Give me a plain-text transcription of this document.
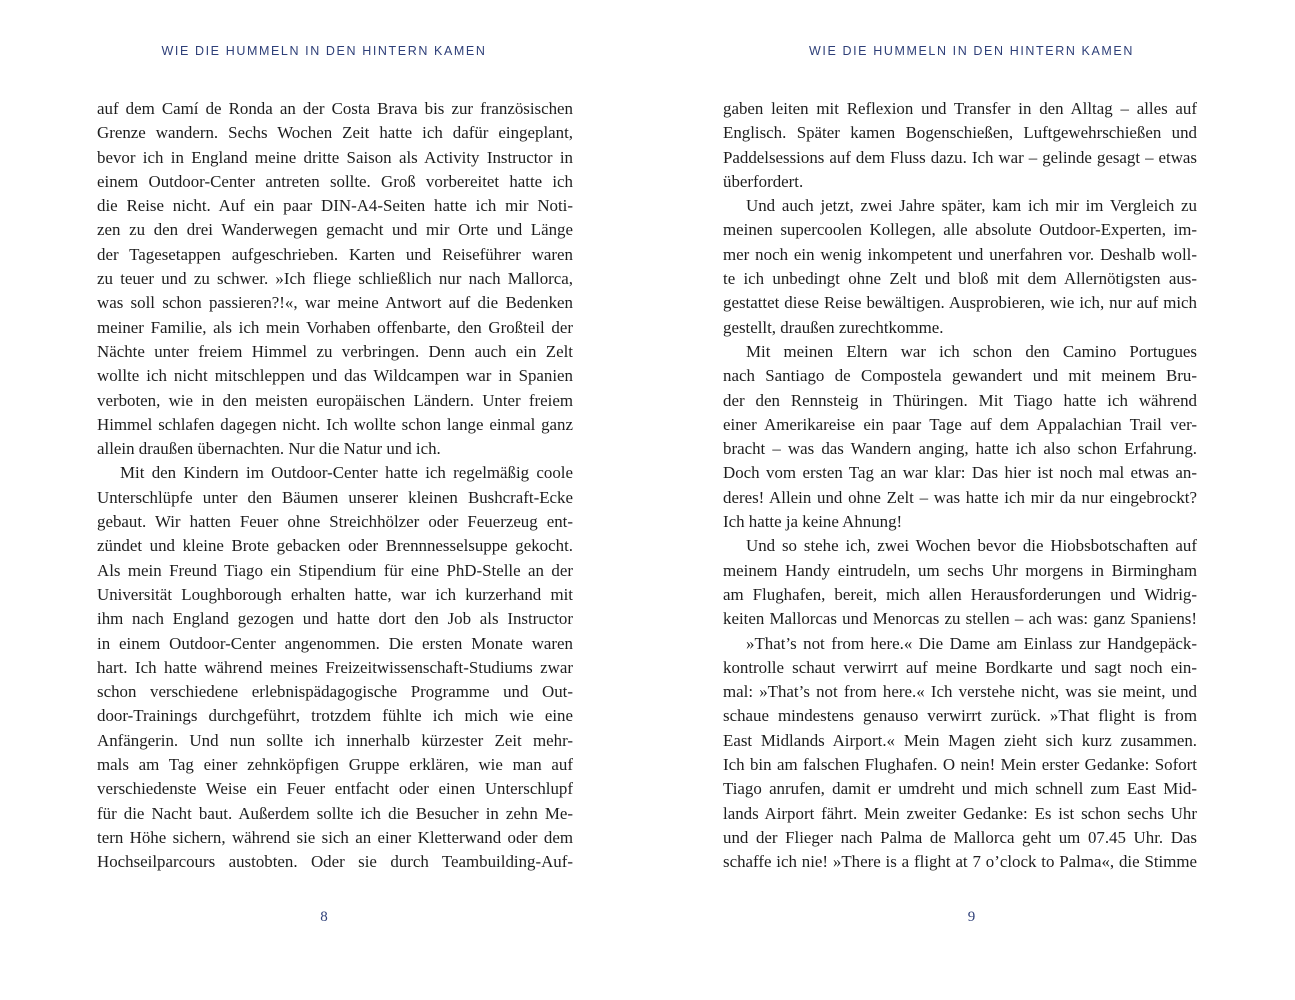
WIE DIE HUMMELN IN DEN HINTERN KAMEN
auf dem Camí de Ronda an der Costa Brava bis zur französischen
Grenze wandern. Sechs Wochen Zeit hatte ich dafür eingeplant,
bevor ich in England meine dritte Saison als Activity Instructor in
einem Outdoor-Center antreten sollte. Groß vorbereitet hatte ich
die Reise nicht. Auf ein paar DIN-A4-Seiten hatte ich mir Noti-
zen zu den drei Wanderwegen gemacht und mir Orte und Länge
der Tagesetappen aufgeschrieben. Karten und Reiseführer waren
zu teuer und zu schwer. »Ich fliege schließlich nur nach Mallorca,
was soll schon passieren?!«, war meine Antwort auf die Bedenken
meiner Familie, als ich mein Vorhaben offenbarte, den Großteil der
Nächte unter freiem Himmel zu verbringen. Denn auch ein Zelt
wollte ich nicht mitschleppen und das Wildcampen war in Spanien
verboten, wie in den meisten europäischen Ländern. Unter freiem
Himmel schlafen dagegen nicht. Ich wollte schon lange einmal ganz
allein draußen übernachten. Nur die Natur und ich.
Mit den Kindern im Outdoor-Center hatte ich regelmäßig coole
Unterschlüpfe unter den Bäumen unserer kleinen Bushcraft-Ecke
gebaut. Wir hatten Feuer ohne Streichhölzer oder Feuerzeug ent-
zündet und kleine Brote gebacken oder Brennnesselsuppe gekocht.
Als mein Freund Tiago ein Stipendium für eine PhD-Stelle an der
Universität Loughborough erhalten hatte, war ich kurzerhand mit
ihm nach England gezogen und hatte dort den Job als Instructor
in einem Outdoor-Center angenommen. Die ersten Monate waren
hart. Ich hatte während meines Freizeitwissenschaft-Studiums zwar
schon verschiedene erlebnispädagogische Programme und Out-
door-Trainings durchgeführt, trotzdem fühlte ich mich wie eine
Anfängerin. Und nun sollte ich innerhalb kürzester Zeit mehr-
mals am Tag einer zehnköpfigen Gruppe erklären, wie man auf
verschiedenste Weise ein Feuer entfacht oder einen Unterschlupf
für die Nacht baut. Außerdem sollte ich die Besucher in zehn Me-
tern Höhe sichern, während sie sich an einer Kletterwand oder dem
Hochseilparcours austobten. Oder sie durch Teambuilding-Auf-
8
WIE DIE HUMMELN IN DEN HINTERN KAMEN
gaben leiten mit Reflexion und Transfer in den Alltag – alles auf
Englisch. Später kamen Bogenschießen, Luftgewehrschießen und
Paddelsessions auf dem Fluss dazu. Ich war – gelinde gesagt – etwas
überfordert.
Und auch jetzt, zwei Jahre später, kam ich mir im Vergleich zu
meinen supercoolen Kollegen, alle absolute Outdoor-Experten, im-
mer noch ein wenig inkompetent und unerfahren vor. Deshalb woll-
te ich unbedingt ohne Zelt und bloß mit dem Allernötigsten aus-
gestattet diese Reise bewältigen. Ausprobieren, wie ich, nur auf mich
gestellt, draußen zurechtkomme.
Mit meinen Eltern war ich schon den Camino Portugues
nach Santiago de Compostela gewandert und mit meinem Bru-
der den Rennsteig in Thüringen. Mit Tiago hatte ich während
einer Amerikareise ein paar Tage auf dem Appalachian Trail ver-
bracht – was das Wandern anging, hatte ich also schon Erfahrung.
Doch vom ersten Tag an war klar: Das hier ist noch mal etwas an-
deres! Allein und ohne Zelt – was hatte ich mir da nur eingebrockt?
Ich hatte ja keine Ahnung!
Und so stehe ich, zwei Wochen bevor die Hiobsbotschaften auf
meinem Handy eintrudeln, um sechs Uhr morgens in Birmingham
am Flughafen, bereit, mich allen Herausforderungen und Widrig-
keiten Mallorcas und Menorcas zu stellen – ach was: ganz Spaniens!
»That’s not from here.« Die Dame am Einlass zur Handgepäck-
kontrolle schaut verwirrt auf meine Bordkarte und sagt noch ein-
mal: »That’s not from here.« Ich verstehe nicht, was sie meint, und
schaue mindestens genauso verwirrt zurück. »That flight is from
East Midlands Airport.« Mein Magen zieht sich kurz zusammen.
Ich bin am falschen Flughafen. O nein! Mein erster Gedanke: Sofort
Tiago anrufen, damit er umdreht und mich schnell zum East Mid-
lands Airport fährt. Mein zweiter Gedanke: Es ist schon sechs Uhr
und der Flieger nach Palma de Mallorca geht um 07.45 Uhr. Das
schaffe ich nie! »There is a flight at 7 o’clock to Palma«, die Stimme
9
